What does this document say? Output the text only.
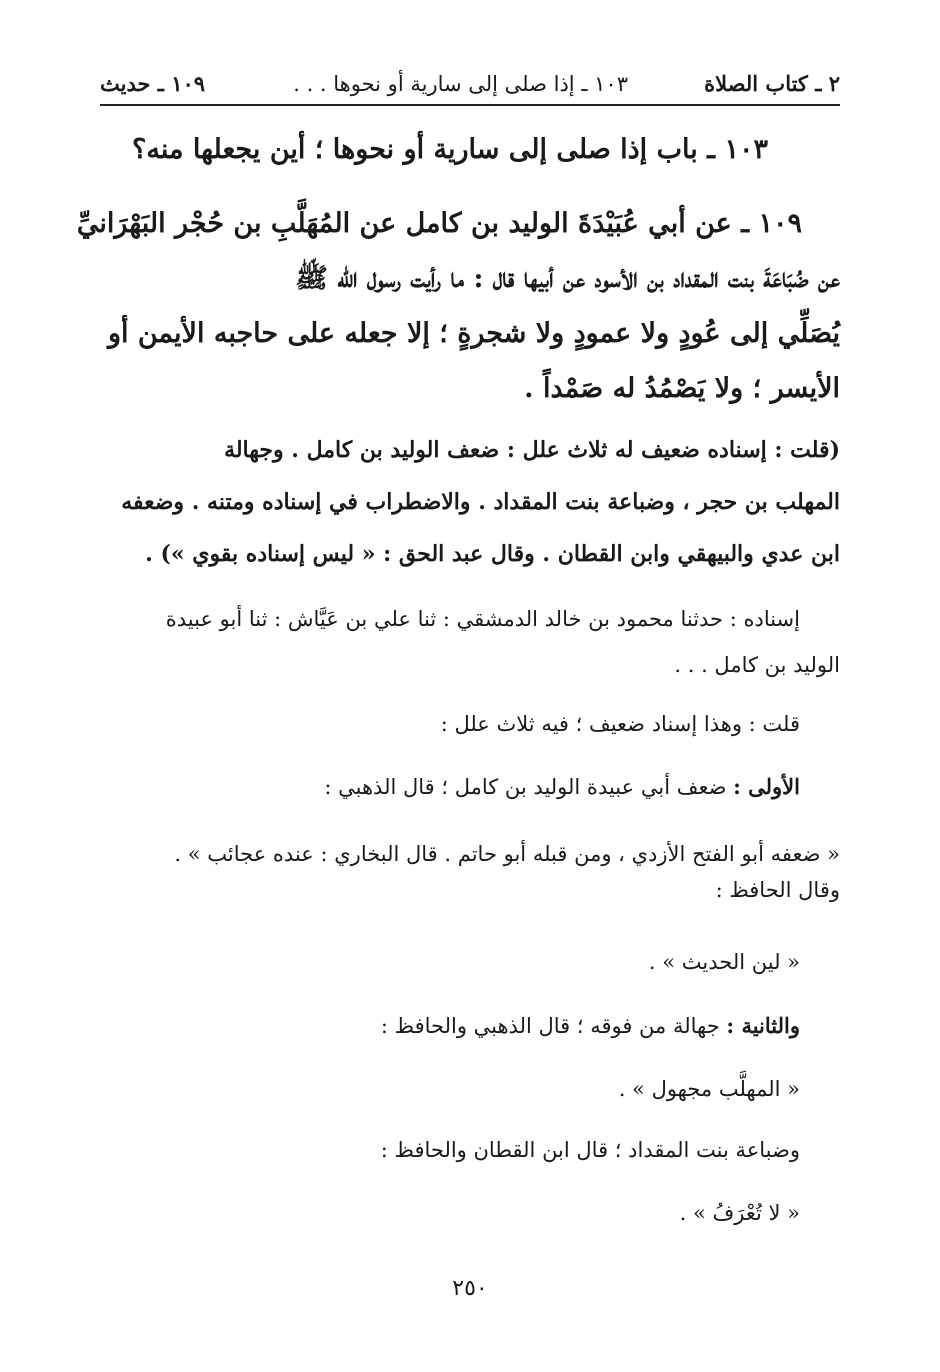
٢ ـ كتاب الصلاة
١٠٣ ـ إذا صلى إلى سارية أو نحوها . . .
١٠٩ ـ حديث
١٠٣ ـ باب إذا صلى إلى سارية أو نحوها ؛ أين يجعلها منه؟
١٠٩ ـ عن أبي عُبَيْدَةَ الوليد بن كامل عن المُهَلَّبِ بن حُجْر البَهْرَانيِّ
عن ضُبَاعَةَ بنت المقداد بن الأسود عن أبيها قال : ما رأيت رسول الله ﷺ
يُصَلِّي إلى عُودٍ ولا عمودٍ ولا شجرةٍ ؛ إلا جعله على حاجبه الأيمن أو
الأيسر ؛ ولا يَصْمُدُ له صَمْداً .
(قلت : إسناده ضعيف له ثلاث علل : ضعف الوليد بن كامل . وجهالة
المهلب بن حجر ، وضباعة بنت المقداد . والاضطراب في إسناده ومتنه . وضعفه
ابن عدي والبيهقي وابن القطان . وقال عبد الحق : « ليس إسناده بقوي ») .
إسناده : حدثنا محمود بن خالد الدمشقي : ثنا علي بن عَيَّاش : ثنا أبو عبيدة
الوليد بن كامل . . .
قلت : وهذا إسناد ضعيف ؛ فيه ثلاث علل :
الأولى : ضعف أبي عبيدة الوليد بن كامل ؛ قال الذهبي :
« ضعفه أبو الفتح الأزدي ، ومن قبله أبو حاتم . قال البخاري : عنده عجائب » .
وقال الحافظ :
« لين الحديث » .
والثانية : جهالة من فوقه ؛ قال الذهبي والحافظ :
« المهلَّب مجهول » .
وضباعة بنت المقداد ؛ قال ابن القطان والحافظ :
« لا تُعْرَفُ » .
٢٥٠
